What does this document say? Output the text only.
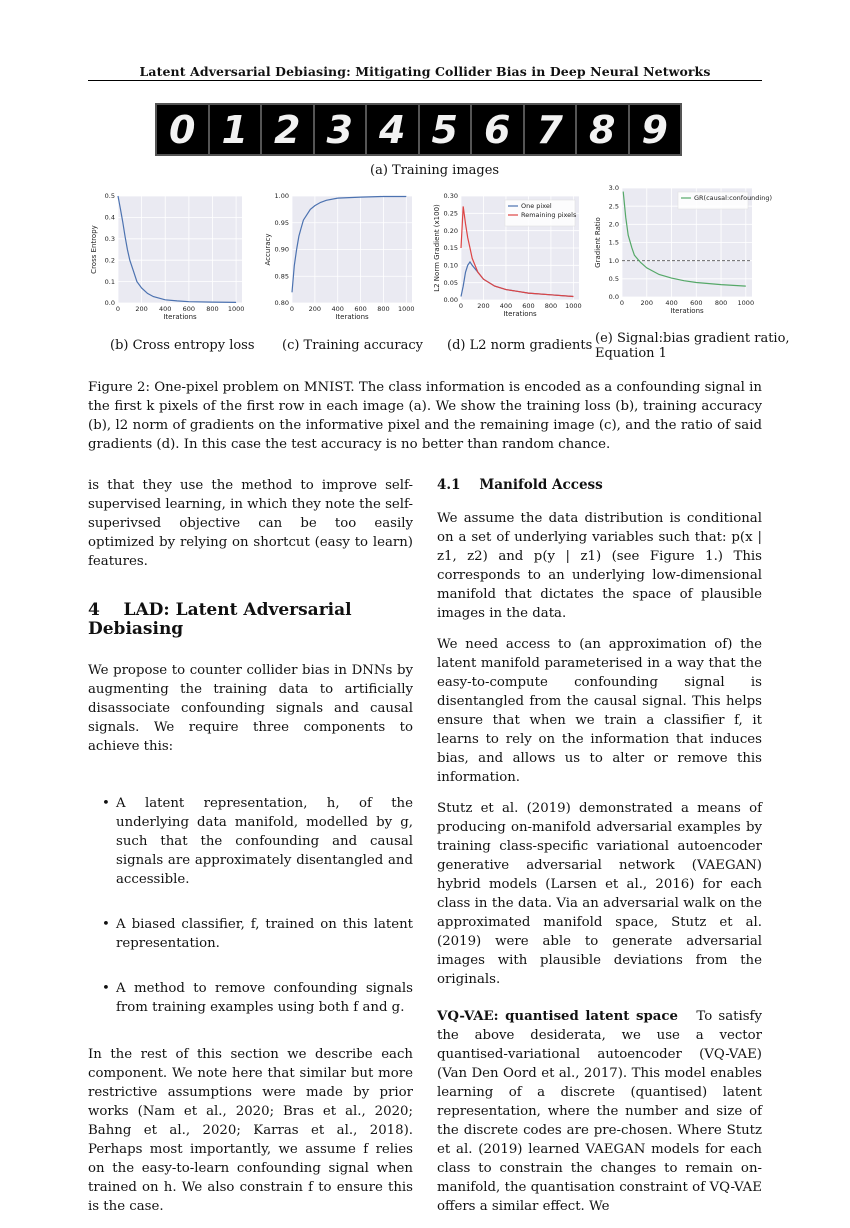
Latent Adversarial Debiasing: Mitigating Collider Bias in Deep Neural Networks
0 1 2 3 4 5 6 7 8 9
(a) Training images
0.0
0.1
0.2
0.3
0.4
0.5
0 200 400 600 800 1000
Iterations
Cross Entropy
0.80
0.85
0.90
0.95
1.00
0 200 400 600 800 1000
Iterations
Accuracy
0.00
0.05
0.10
0.15
0.20
0.25
0.30
0 200 400 600 800 1000
Iterations
L2 Norm Gradient (x100)	One pixel
Remaining pixels
0.0
0.5
1.0
1.5
2.0
2.5
3.0
0	200 400 600 800 1000
Iterations
Gradient Ratio
GR(causal:confounding)
(b) Cross entropy loss (c) Training accuracy (d) L2 norm gradients (e) Signal:bias gradient ratio,
Equation 1
Figure 2: One-pixel problem on MNIST. The class information is encoded as a confounding signal in the first k pixels of the first row in each image (a). We show the training loss (b), training accuracy (b), l2 norm of gradients on the informative pixel and the remaining image (c), and the ratio of said gradients (d). In this case the test accuracy is no better than random chance.

is that they use the method to improve self-supervised learning, in which they note the self-superivsed objective can be too easily optimized by relying on shortcut (easy to learn) features.

4 LAD: Latent Adversarial Debiasing

We propose to counter collider bias in DNNs by augmenting the training data to artificially disassociate confounding signals and causal signals. We require three components to achieve this:

• A latent representation, h, of the underlying data manifold, modelled by g, such that the confounding and causal signals are approximately disentangled and accessible.
• A biased classifier, f, trained on this latent representation.
• A method to remove confounding signals from training examples using both f and g.

In the rest of this section we describe each component. We note here that similar but more restrictive assumptions were made by prior works (Nam et al., 2020; Bras et al., 2020; Bahng et al., 2020; Karras et al., 2018). Perhaps most importantly, we assume f relies on the easy-to-learn confounding signal when trained on h. We also constrain f to ensure this is the case.

4.1 Manifold Access

We assume the data distribution is conditional on a set of underlying variables such that: p(x | z1, z2) and p(y | z1) (see Figure 1.) This corresponds to an underlying low-dimensional manifold that dictates the space of plausible images in the data.

We need access to (an approximation of) the latent manifold parameterised in a way that the easy-to-compute confounding signal is disentangled from the causal signal. This helps ensure that when we train a classifier f, it learns to rely on the information that induces bias, and allows us to alter or remove this information.

Stutz et al. (2019) demonstrated a means of producing on-manifold adversarial examples by training class-specific variational autoencoder generative adversarial network (VAEGAN) hybrid models (Larsen et al., 2016) for each class in the data. Via an adversarial walk on the approximated manifold space, Stutz et al. (2019) were able to generate adversarial images with plausible deviations from the originals.

VQ-VAE: quantised latent space To satisfy the above desiderata, we use a vector quantised-variational autoencoder (VQ-VAE) (Van Den Oord et al., 2017). This model enables learning of a discrete (quantised) latent representation, where the number and size of the discrete codes are pre-chosen. Where Stutz et al. (2019) learned VAEGAN models for each class to constrain the changes to remain on-manifold, the quantisation constraint of VQ-VAE offers a similar effect. We
